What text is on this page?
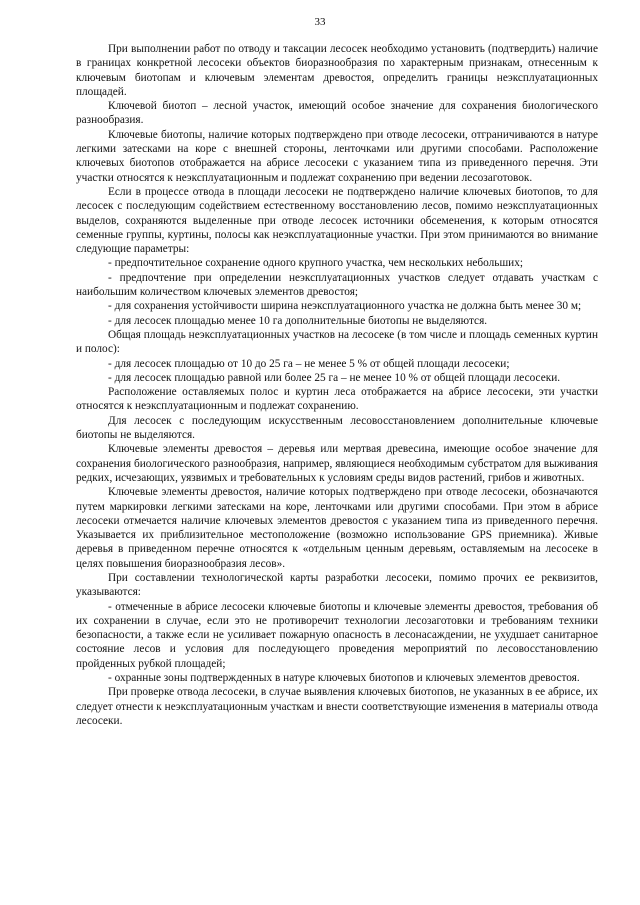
33

При выполнении работ по отводу и таксации лесосек необходимо установить (подтвердить) наличие в границах конкретной лесосеки объектов биоразнообразия по характерным признакам, отнесенным к ключевым биотопам и ключевым элементам древостоя, определить границы неэксплуатационных площадей.

Ключевой биотоп – лесной участок, имеющий особое значение для сохранения биологического разнообразия.

Ключевые биотопы, наличие которых подтверждено при отводе лесосеки, отграничиваются в натуре легкими затесками на коре с внешней стороны, ленточками или другими способами. Расположение ключевых биотопов отображается на абрисе лесосеки с указанием типа из приведенного перечня. Эти участки относятся к неэксплуатационным и подлежат сохранению при ведении лесозаготовок.

Если в процессе отвода в площади лесосеки не подтверждено наличие ключевых биотопов, то для лесосек с последующим содействием естественному восстановлению лесов, помимо неэксплуатационных выделов, сохраняются выделенные при отводе лесосек источники обсеменения, к которым относятся семенные группы, куртины, полосы как неэксплуатационные участки. При этом принимаются во внимание следующие параметры:

- предпочтительное сохранение одного крупного участка, чем нескольких небольших;

- предпочтение при определении неэксплуатационных участков следует отдавать участкам с наибольшим количеством ключевых элементов древостоя;

- для сохранения устойчивости ширина неэксплуатационного участка не должна быть менее 30 м;

- для лесосек площадью менее 10 га дополнительные биотопы не выделяются.

Общая площадь неэксплуатационных участков на лесосеке (в том числе и площадь семенных куртин и полос):

- для лесосек площадью от 10 до 25 га – не менее 5 % от общей площади лесосеки;

- для лесосек площадью равной или более 25 га – не менее 10 % от общей площади лесосеки.

Расположение оставляемых полос и куртин леса отображается на абрисе лесосеки, эти участки относятся к неэксплуатационным и подлежат сохранению.

Для лесосек с последующим искусственным лесовосстановлением дополнительные ключевые биотопы не выделяются.

Ключевые элементы древостоя – деревья или мертвая древесина, имеющие особое значение для сохранения биологического разнообразия, например, являющиеся необходимым субстратом для выживания редких, исчезающих, уязвимых и требовательных к условиям среды видов растений, грибов и животных.

Ключевые элементы древостоя, наличие которых подтверждено при отводе лесосеки, обозначаются путем маркировки легкими затесками на коре, ленточками или другими способами. При этом в абрисе лесосеки отмечается наличие ключевых элементов древостоя с указанием типа из приведенного перечня. Указывается их приблизительное местоположение (возможно использование GPS приемника). Живые деревья в приведенном перечне относятся к «отдельным ценным деревьям, оставляемым на лесосеке в целях повышения биоразнообразия лесов».

При составлении технологической карты разработки лесосеки, помимо прочих ее реквизитов, указываются:

- отмеченные в абрисе лесосеки ключевые биотопы и ключевые элементы древостоя, требования об их сохранении в случае, если это не противоречит технологии лесозаготовки и требованиям техники безопасности, а также если не усиливает пожарную опасность в лесонасаждении, не ухудшает санитарное состояние лесов и условия для последующего проведения мероприятий по лесовосстановлению пройденных рубкой площадей;

- охранные зоны подтвержденных в натуре ключевых биотопов и ключевых элементов древостоя.

При проверке отвода лесосеки, в случае выявления ключевых биотопов, не указанных в ее абрисе, их следует отнести к неэксплуатационным участкам и внести соответствующие изменения в материалы отвода лесосеки.
